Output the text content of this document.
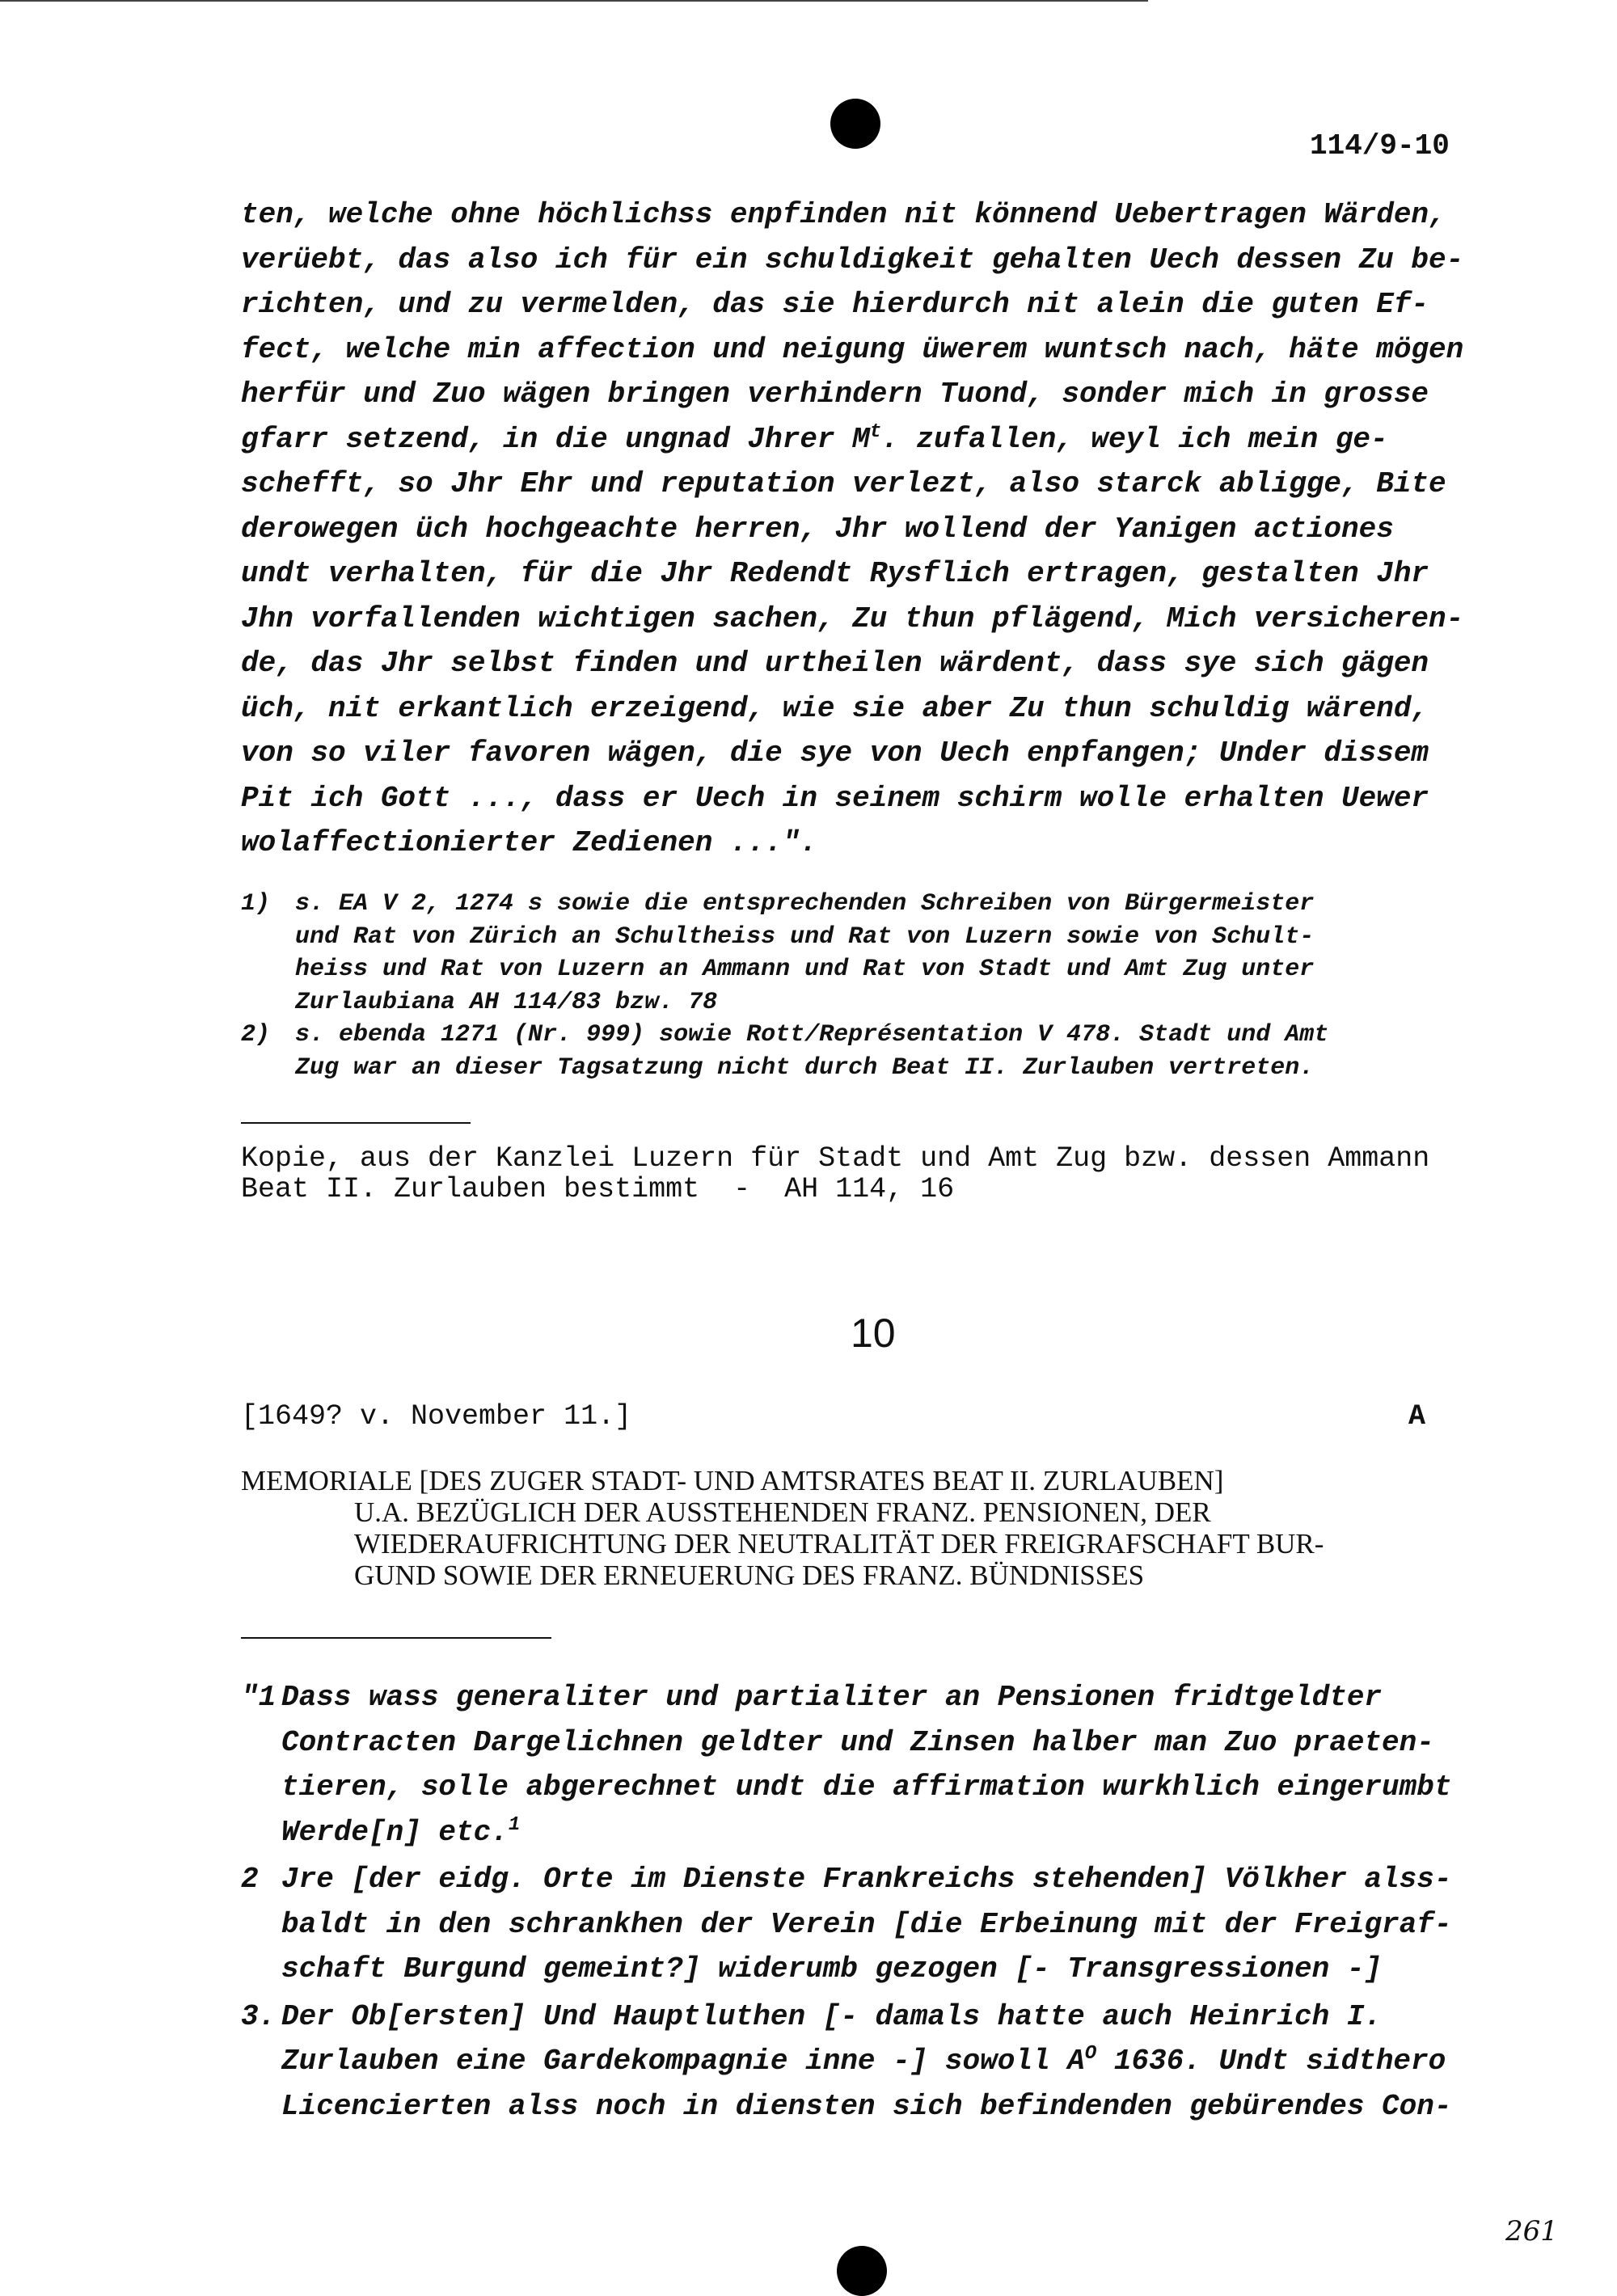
114/9-10
ten, welche ohne höchlichss enpfinden nit könnend Uebertragen Wärden,
verüebt, das also ich für ein schuldigkeit gehalten Uech dessen Zu be-
richten, und zu vermelden, das sie hierdurch nit alein die guten Ef-
fect, welche min affection und neigung üwerem wuntsch nach, häte mögen
herfür und Zuo wägen bringen verhindern Tuond, sonder mich in grosse
gfarr setzend, in die ungnad Jhrer $M^t$. zufallen, weyl ich mein ge-
schefft, so Jhr Ehr und reputation verlezt, also starck abligge, Bite
derowegen üch hochgeachte herren, Jhr wollend der Yanigen actiones
undt verhalten, für die Jhr Redendt Rysflich ertragen, gestalten Jhr
Jhn vorfallenden wichtigen sachen, Zu thun pflägend, Mich versicheren-
de, das Jhr selbst finden und urtheilen wärdent, dass sye sich gägen
üch, nit erkantlich erzeigend, wie sie aber Zu thun schuldig wärend,
von so viler favoren wägen, die sye von Uech enpfangen; Under dissem
Pit ich Gott ..., dass er Uech in seinem schirm wolle erhalten Uewer
wolaffectionierter Zedienen ...".
1) s. EA V 2, 1274 s sowie die entsprechenden Schreiben von Bürgermeister
und Rat von Zürich an Schultheiss und Rat von Luzern sowie von Schult-
heiss und Rat von Luzern an Ammann und Rat von Stadt und Amt Zug unter
Zurlaubiana AH 114/83 bzw. 78
2) s. ebenda 1271 (Nr. 999) sowie Rott/Représentation V 478. Stadt und Amt
Zug war an dieser Tagsatzung nicht durch Beat II. Zurlauben vertreten.
Kopie, aus der Kanzlei Luzern für Stadt und Amt Zug bzw. dessen Ammann
Beat II. Zurlauben bestimmt  -  AH 114, 16
10
[1649? v. November 11.]	A
MEMORIALE [DES ZUGER STADT- UND AMTSRATES BEAT II. ZURLAUBEN]
U.A. BEZÜGLICH DER AUSSTEHENDEN FRANZ. PENSIONEN, DER
WIEDERAUFRICHTUNG DER NEUTRALITÄT DER FREIGRAFSCHAFT BUR-
GUND SOWIE DER ERNEUERUNG DES FRANZ. BÜNDNISSES
"1 Dass wass generaliter und partialiter an Pensionen fridtgeldter
Contracten Dargelichnen geldter und Zinsen halber man Zuo praeten-
tieren, solle abgerechnet undt die affirmation wurkhlich eingerumbt
Werde[n] etc.$^1$
2 Jre [der eidg. Orte im Dienste Frankreichs stehenden] Völkher alss-
baldt in den schrankhen der Verein [die Erbeinung mit der Freigraf-
schaft Burgund gemeint?] widerumb gezogen [- Transgressionen -]
3. Der Ob[ersten] Und Hauptluthen [- damals hatte auch Heinrich I.
Zurlauben eine Gardekompagnie inne -] sowoll $A^O$ 1636. Undt sidthero
Licencierten alss noch in diensten sich befindenden gebürendes Con-
261
